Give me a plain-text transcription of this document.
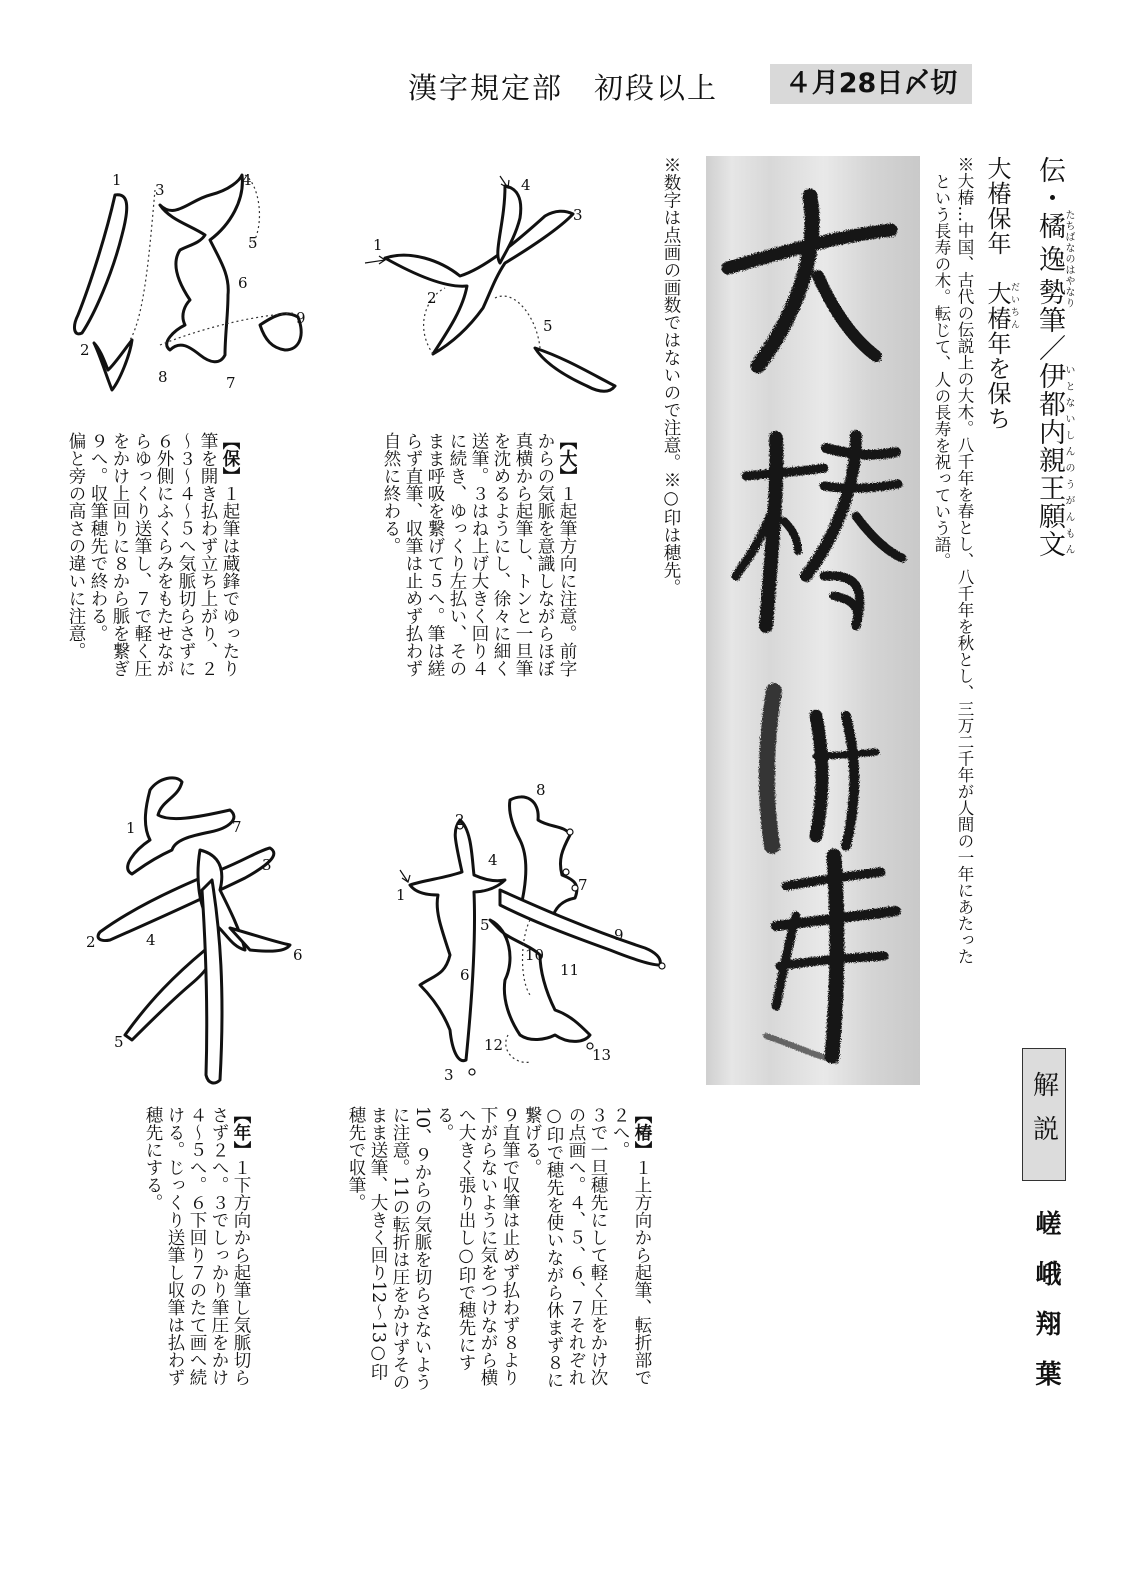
漢字規定部　初段以上	４月28日〆切
伝・橘逸勢たちばなのはやなり筆／伊都内親王願文いとないしんのうがんもん
大椿保年　大椿だいちん年を保ち
※大椿…中国、古代の伝説上の大木。八千年を春とし、八千年を秋とし、三万二千年が人間の一年にあたった
という長寿の木。転じて、人の長寿を祝っていう語。
解説
嵯峨翔葉
※数字は点画の画数ではないので注意。※○印は穂先。
1
2
3
4
5
6
7
8
9
1
2
3
4
5
1
2
3
4
5
6
7
1
2
3
4
5
6
7
8
9
10
11
12
13
【大】１起筆方向に注意。前字
からの気脈を意識しながらほぼ
真横から起筆し、トンと一旦筆
を沈めるようにし、徐々に細く
送筆。３はね上げ大きく回り４
に続き、ゆっくり左払い、その
まま呼吸を繋げて５へ。筆は縒
らず直筆、収筆は止めず払わず
自然に終わる。
【保】１起筆は蔵鋒でゆったり
筆を開き払わず立ち上がり、２
～３～４～５へ気脈切らさずに
６外側にふくらみをもたせなが
らゆっくり送筆し、７で軽く圧
をかけ上回りに８から脈を繋ぎ
９へ。収筆穂先で終わる。
偏と旁の高さの違いに注意。
【椿】１上方向から起筆、転折部で
２へ。
３で一旦穂先にして軽く圧をかけ次
の点画へ。４、５、６、７それぞれ
○印で穂先を使いながら休まず８に
繋げる。
９直筆で収筆は止めず払わず８より
下がらないように気をつけながら横
へ大きく張り出し○印で穂先にす
る。
10、９からの気脈を切らさないよう
に注意。11の転折は圧をかけずその
まま送筆、大きく回り12～13○印
穂先で収筆。
【年】１下方向から起筆し気脈切ら
さず２へ。３でしっかり筆圧をかけ
４～５へ。６下回り７のたて画へ続
ける。じっくり送筆し収筆は払わず
穂先にする。
